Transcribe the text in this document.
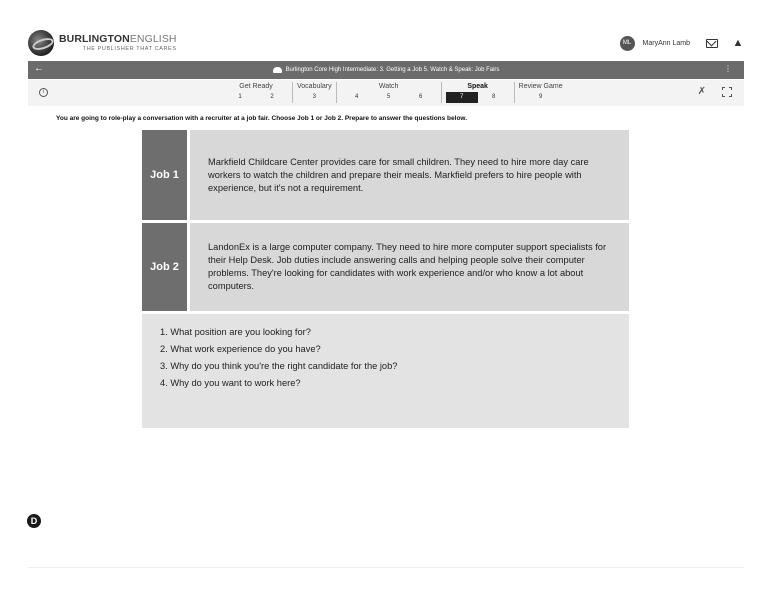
BURLINGTONENGLISH
THE PUBLISHER THAT CARES
ML	MaryAnn Lamb	▲
←	Burlington Core High Intermediate: 3. Getting a Job 5. Watch & Speak: Job Fairs	⋮
i
Get Ready
1	2
Vocabulary
3
Watch
4	5	6
Speak
7	8
Review Game
9	✗
You are going to role-play a conversation with a recruiter at a job fair. Choose Job 1 or Job 2. Prepare to answer the questions below.
Job 1
Markfield Childcare Center provides care for small children. They need to hire more day care workers to watch the children and prepare their meals. Markfield prefers to hire people with experience, but it's not a requirement.
Job 2
LandonEx is a large computer company. They need to hire more computer support specialists for their Help Desk. Job duties include answering calls and helping people solve their computer problems. They're looking for candidates with work experience and/or who know a lot about computers.
1. What position are you looking for?
2. What work experience do you have?
3. Why do you think you're the right candidate for the job?
4. Why do you want to work here?
D
